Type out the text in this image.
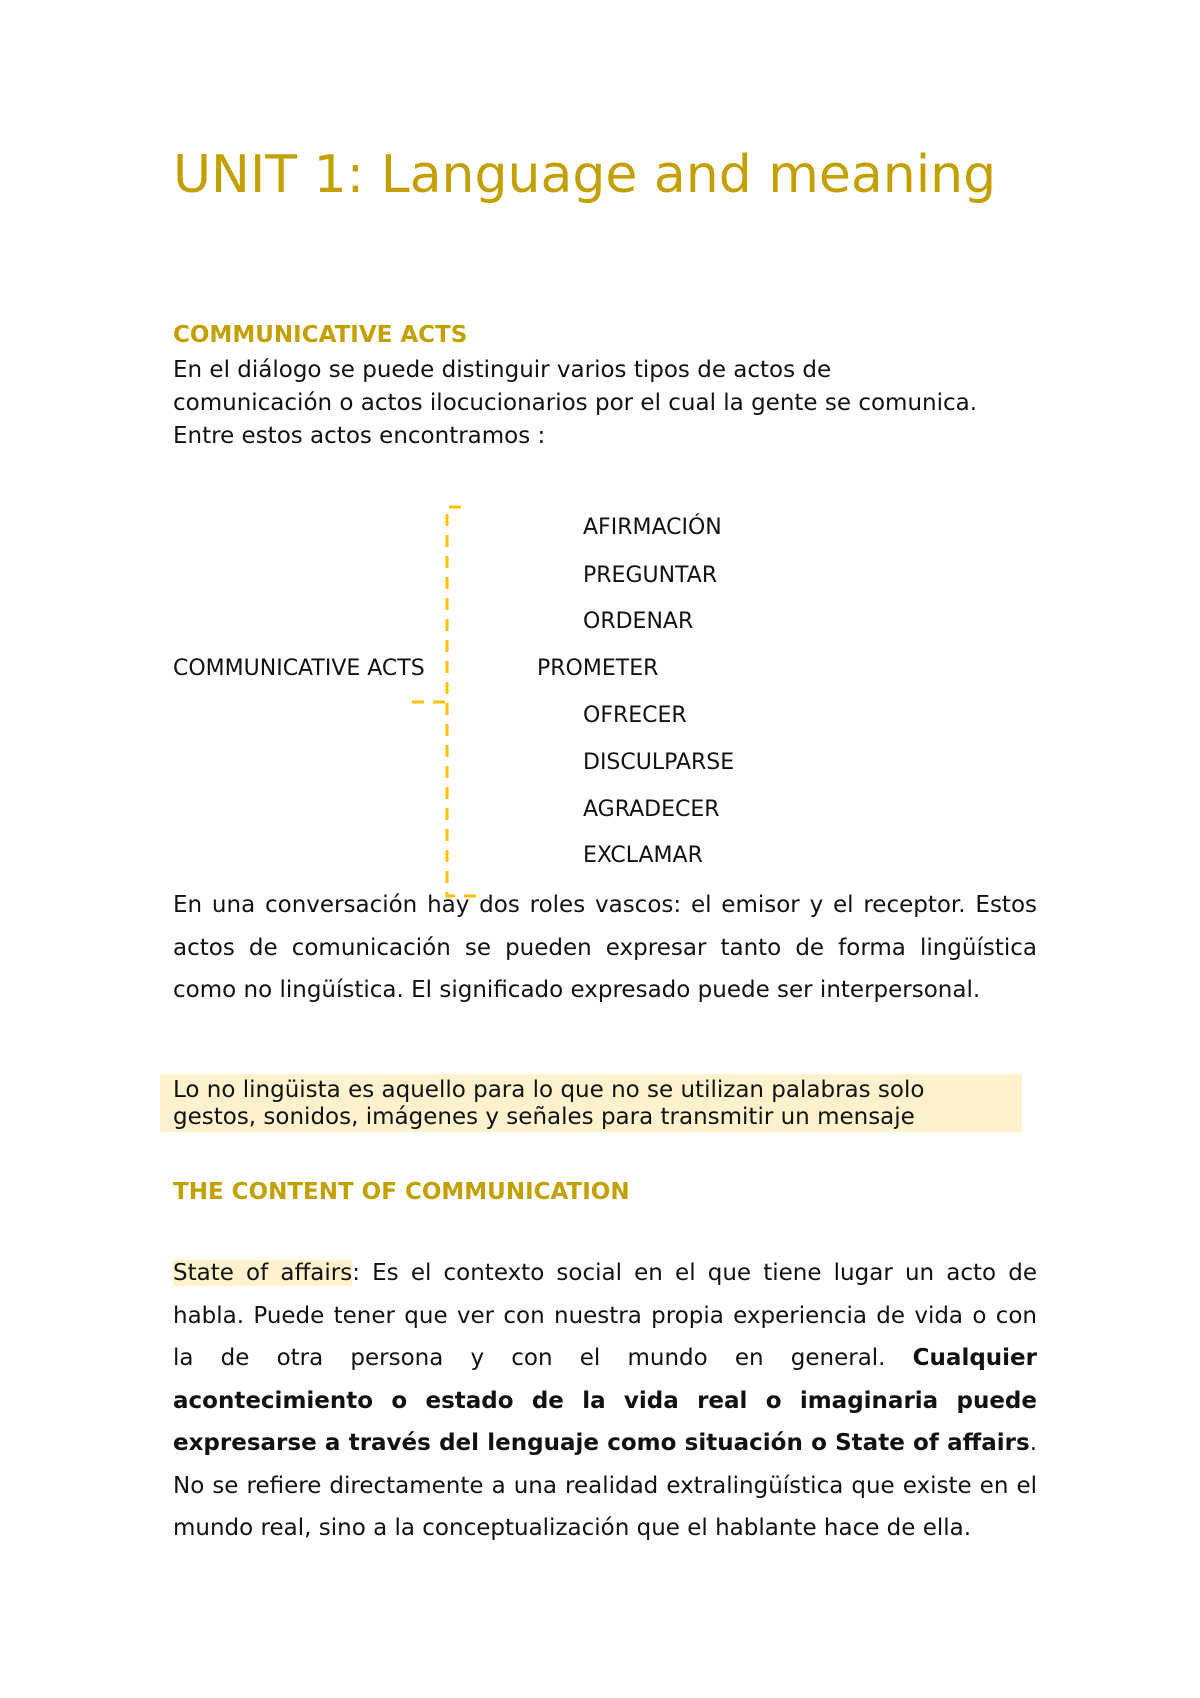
UNIT 1: Language and meaning
COMMUNICATIVE ACTS

En el diálogo se puede distinguir varios tipos de actos de

comunicación o actos ilocucionarios por el cual la gente se comunica.

Entre estos actos encontramos :

COMMUNICATIVE ACTS
AFIRMACIÓN
PREGUNTAR
ORDENAR
PROMETER
OFRECER
DISCULPARSE
AGRADECER
EXCLAMAR

En una conversación hay dos roles vascos: el emisor y el receptor. Estos actos de comunicación se pueden expresar tanto de forma lingüística como no lingüística. El significado expresado puede ser interpersonal.

Lo no lingüista es aquello para lo que no se utilizan palabras solo
gestos, sonidos, imágenes y señales para transmitir un mensaje
THE CONTENT OF COMMUNICATION

State of affairs: Es el contexto social en el que tiene lugar un acto de habla. Puede tener que ver con nuestra propia experiencia de vida o con la de otra persona y con el mundo en general. Cualquier acontecimiento o estado de la vida real o imaginaria puede expresarse a través del lenguaje como situación o State of affairs. No se refiere directamente a una realidad extralingüística que existe en el mundo real, sino a la conceptualización que el hablante hace de ella.
